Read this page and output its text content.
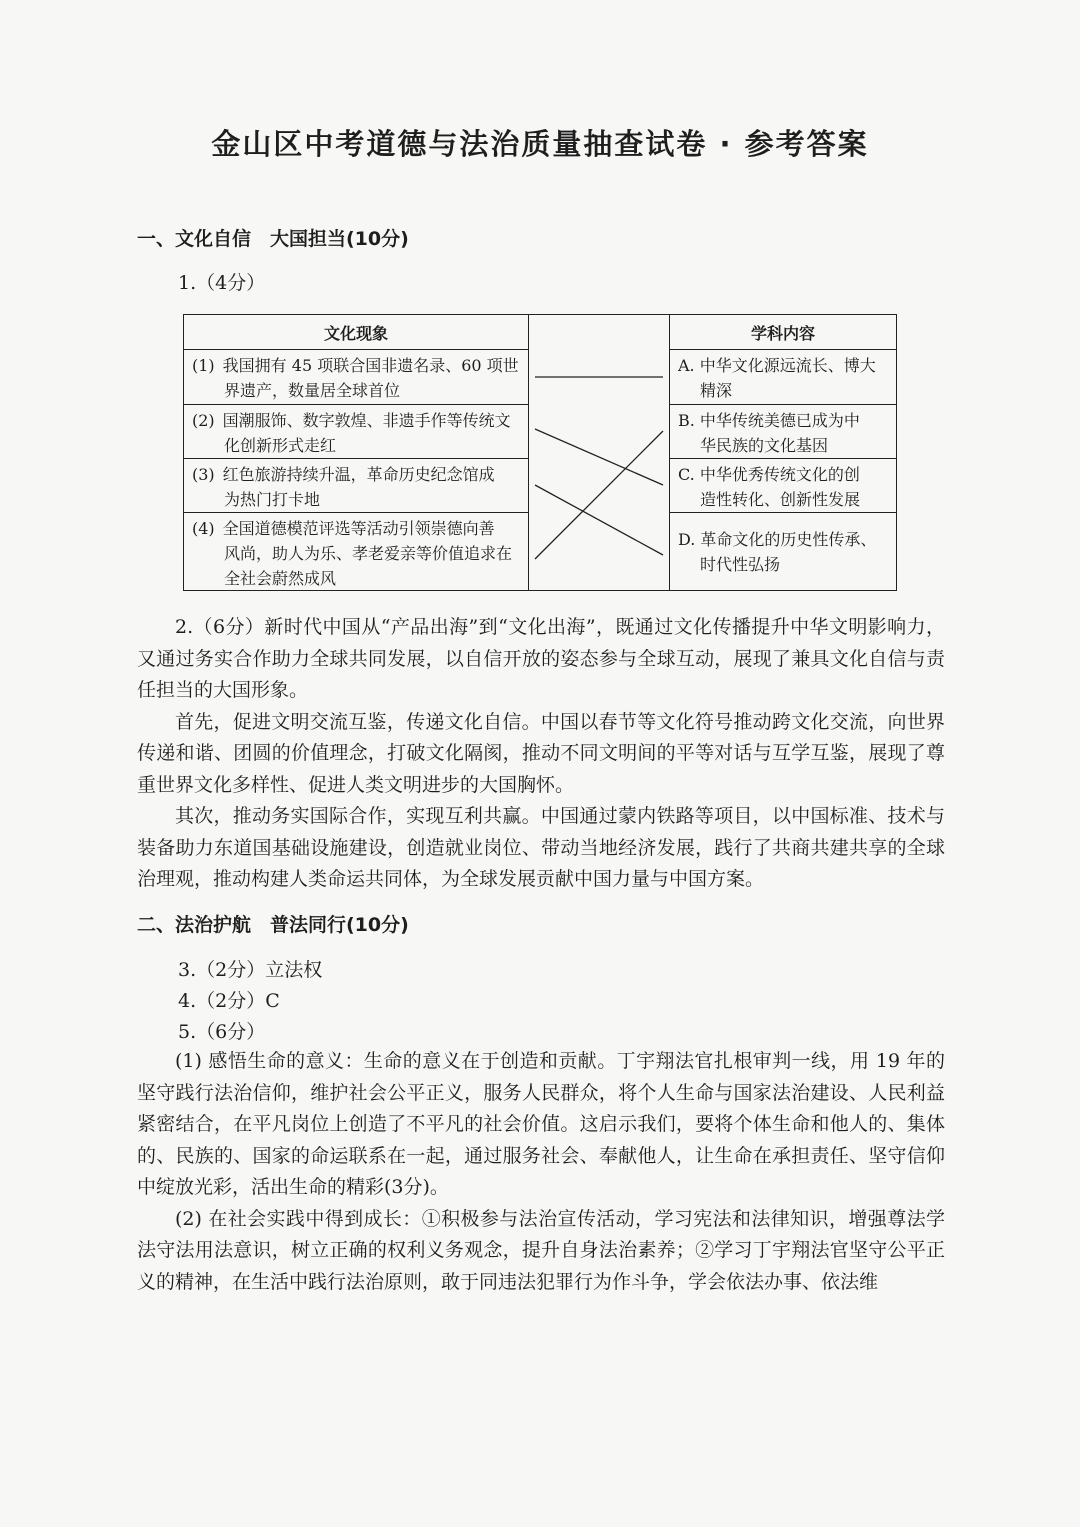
金山区中考道德与法治质量抽查试卷 · 参考答案
一、文化自信　大国担当(10分)
1.（4分）
文化现象
(1) 我国拥有 45 项联合国非遗名录、60 项世
界遗产，数量居全球首位
(2) 国潮服饰、数字敦煌、非遗手作等传统文
化创新形式走红
(3) 红色旅游持续升温，革命历史纪念馆成
为热门打卡地
(4) 全国道德模范评选等活动引领崇德向善
风尚，助人为乐、孝老爱亲等价值追求在
全社会蔚然成风
学科内容
A. 中华文化源远流长、博大
精深
B. 中华传统美德已成为中
华民族的文化基因
C. 中华优秀传统文化的创
造性转化、创新性发展
D. 革命文化的历史性传承、
时代性弘扬

2.（6分）新时代中国从“产品出海”到“文化出海”，既通过文化传播提升中华文明影响力，又通过务实合作助力全球共同发展，以自信开放的姿态参与全球互动，展现了兼具文化自信与责任担当的大国形象。

首先，促进文明交流互鉴，传递文化自信。中国以春节等文化符号推动跨文化交流，向世界传递和谐、团圆的价值理念，打破文化隔阂，推动不同文明间的平等对话与互学互鉴，展现了尊重世界文化多样性、促进人类文明进步的大国胸怀。

其次，推动务实国际合作，实现互利共赢。中国通过蒙内铁路等项目，以中国标准、技术与装备助力东道国基础设施建设，创造就业岗位、带动当地经济发展，践行了共商共建共享的全球治理观，推动构建人类命运共同体，为全球发展贡献中国力量与中国方案。

二、法治护航　普法同行(10分)
3.（2分）立法权
4.（2分）C
5.（6分）

(1) 感悟生命的意义：生命的意义在于创造和贡献。丁宇翔法官扎根审判一线，用 19 年的坚守践行法治信仰，维护社会公平正义，服务人民群众，将个人生命与国家法治建设、人民利益紧密结合，在平凡岗位上创造了不平凡的社会价值。这启示我们，要将个体生命和他人的、集体的、民族的、国家的命运联系在一起，通过服务社会、奉献他人，让生命在承担责任、坚守信仰中绽放光彩，活出生命的精彩(3分)。

(2) 在社会实践中得到成长：①积极参与法治宣传活动，学习宪法和法律知识，增强尊法学法守法用法意识，树立正确的权利义务观念，提升自身法治素养；②学习丁宇翔法官坚守公平正义的精神，在生活中践行法治原则，敢于同违法犯罪行为作斗争，学会依法办事、依法维
